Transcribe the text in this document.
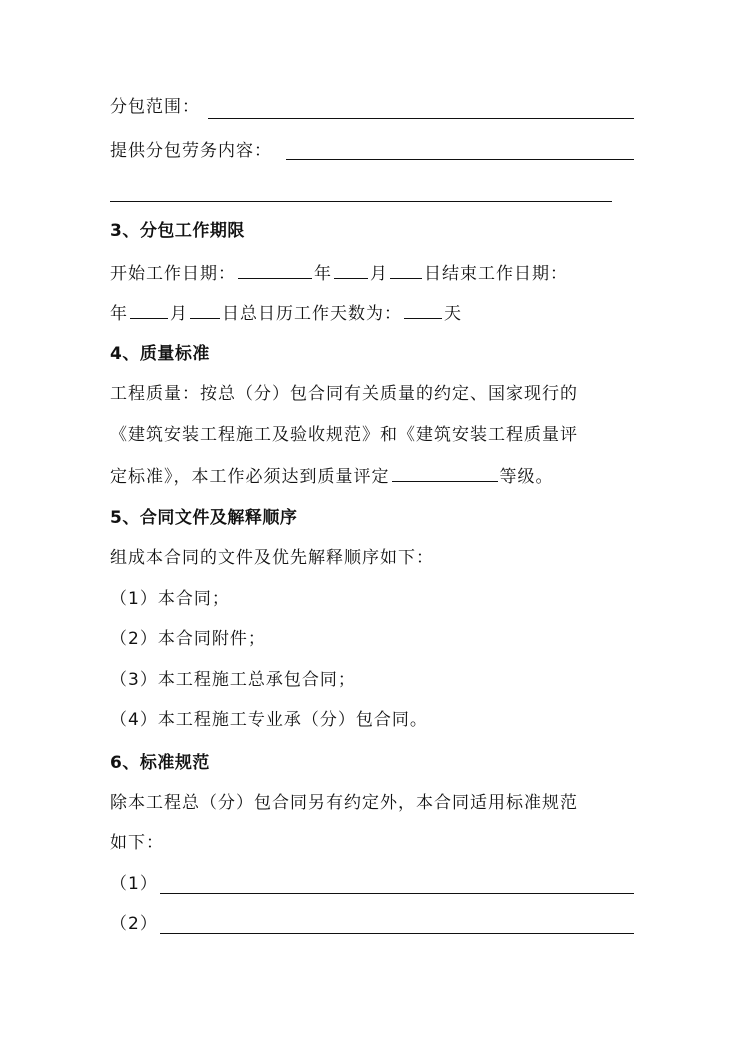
分包范围：
提供分包劳务内容：
3、分包工作期限
开始工作日期：	年 月 日结束工作日期：
年 月 日总日历工作天数为： 天
4、质量标准
工程质量：按总（分）包合同有关质量的约定、国家现行的
《建筑安装工程施工及验收规范》和《建筑安装工程质量评
定标准》，本工作必须达到质量评定	等级。
5、合同文件及解释顺序
组成本合同的文件及优先解释顺序如下：
（1）本合同；
（2）本合同附件；
（3）本工程施工总承包合同；
（4）本工程施工专业承（分）包合同。
6、标准规范
除本工程总（分）包合同另有约定外，本合同适用标准规范
如下：
（1）
（2）
